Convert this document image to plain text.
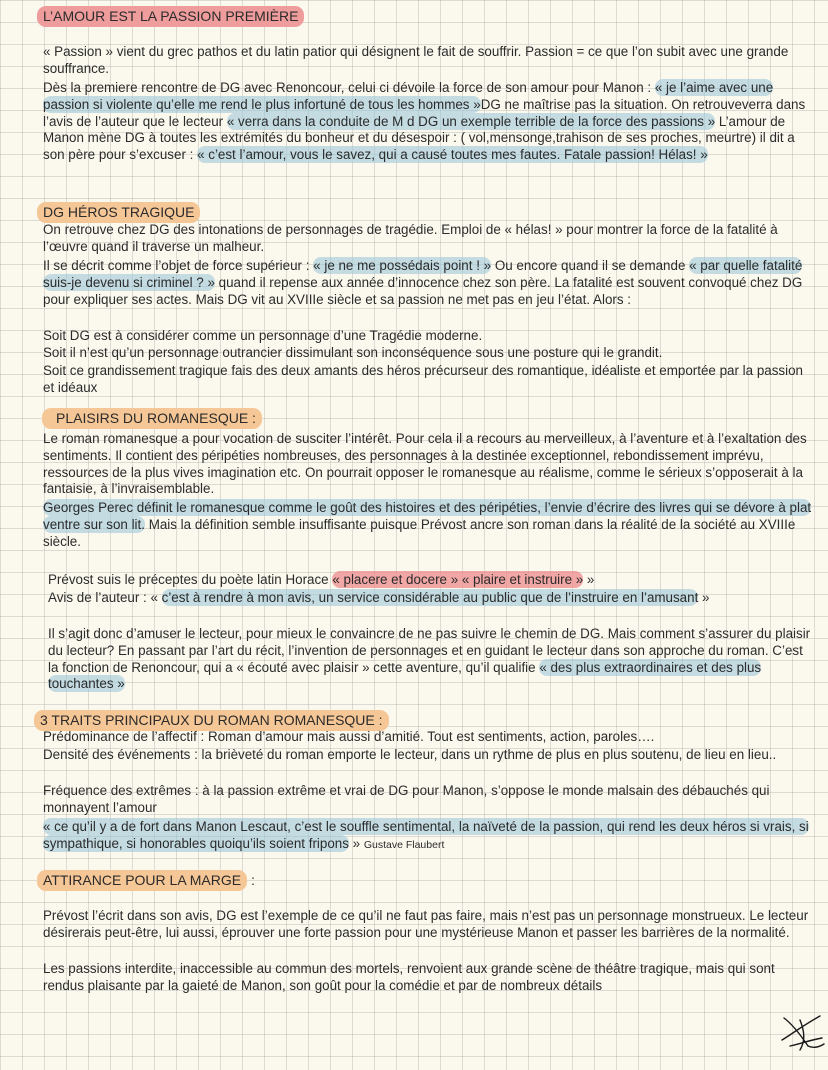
L’AMOUR EST LA PASSION PREMIÈRE

« Passion » vient du grec pathos et du latin patior qui désignent le fait de souffrir. Passion = ce que l’on subit avec une grande souffrance.

Dès la premiere rencontre de DG avec Renoncour, celui ci dévoile la force de son amour pour Manon : « je l’aime avec une passion si violente qu’elle me rend le plus infortuné de tous les hommes »DG ne maîtrise pas la situation. On retrouveverra dans l’avis de l’auteur que le lecteur « verra dans la conduite de M d DG un exemple terrible de la force des passions » L’amour de Manon mène DG à toutes les extrémités du bonheur et du désespoir : ( vol,mensonge,trahison de ses proches, meurtre) il dit a son père pour s’excuser : « c’est l’amour, vous le savez, qui a causé toutes mes fautes. Fatale passion! Hélas! »

DG HÉROS TRAGIQUE

On retrouve chez DG des intonations de personnages de tragédie. Emploi de « hélas! » pour montrer la force de la fatalité à l’œuvre quand il traverse un malheur.

Il se décrit comme l’objet de force supérieur : « je ne me possédais point ! » Ou encore quand il se demande « par quelle fatalité suis-je devenu si criminel ? » quand il repense aux année d’innocence chez son père. La fatalité est souvent convoqué chez DG pour expliquer ses actes. Mais DG vit au XVIIIe siècle et sa passion ne met pas en jeu l’état. Alors :

Soit DG est à considérer comme un personnage d’une Tragédie moderne.

Soit il n’est qu’un personnage outrancier dissimulant son inconséquence sous une posture qui le grandit.

Soit ce grandissement tragique fais des deux amants des héros précurseur des romantique, idéaliste et emportée par la passion et idéaux

PLAISIRS DU ROMANESQUE :

Le roman romanesque a pour vocation de susciter l’intérêt. Pour cela il a recours au merveilleux, à l’aventure et à l’exaltation des sentiments. Il contient des péripéties nombreuses, des personnages à la destinée exceptionnel, rebondissement imprévu, ressources de la plus vives imagination etc. On pourrait opposer le romanesque au réalisme, comme le sérieux s’opposerait à la fantaisie, à l’invraisemblable.

Georges Perec définit le romanesque comme le goût des histoires et des péripéties, l’envie d’écrire des livres qui se dévore à plat ventre sur son lit. Mais la définition semble insuffisante puisque Prévost ancre son roman dans la réalité de la société au XVIIIe siècle.

Prévost suis le préceptes du poète latin Horace « placere et docere » « plaire et instruire » »

Avis de l’auteur : « c’est à rendre à mon avis, un service considérable au public que de l’instruire en l’amusant »

Il s’agit donc d’amuser le lecteur, pour mieux le convaincre de ne pas suivre le chemin de DG. Mais comment s’assurer du plaisir du lecteur? En passant par l’art du récit, l’invention de personnages et en guidant le lecteur dans son approche du roman. C’est la fonction de Renoncour, qui a « écouté avec plaisir » cette aventure, qu’il qualifie « des plus extraordinaires et des plus touchantes »

3 TRAITS PRINCIPAUX DU ROMAN ROMANESQUE :

Prédominance de l’affectif : Roman d’amour mais aussi d’amitié. Tout est sentiments, action, paroles….

Densité des événements : la brièveté du roman emporte le lecteur, dans un rythme de plus en plus soutenu, de lieu en lieu..

Fréquence des extrêmes : à la passion extrême et vrai de DG pour Manon, s’oppose le monde malsain des débauchés qui monnayent l’amour

« ce qu’il y a de fort dans Manon Lescaut, c’est le souffle sentimental, la naïveté de la passion, qui rend les deux héros si vrais, si sympathique, si honorables quoiqu’ils soient fripons » Gustave Flaubert

ATTIRANCE POUR LA MARGE :

Prévost l’écrit dans son avis, DG est l’exemple de ce qu’il ne faut pas faire, mais n’est pas un personnage monstrueux. Le lecteur désirerais peut-être, lui aussi, éprouver une forte passion pour une mystérieuse Manon et passer les barrières de la normalité.

Les passions interdite, inaccessible au commun des mortels, renvoient aux grande scène de théâtre tragique, mais qui sont rendus plaisante par la gaieté de Manon, son goût pour la comédie et par de nombreux détails
